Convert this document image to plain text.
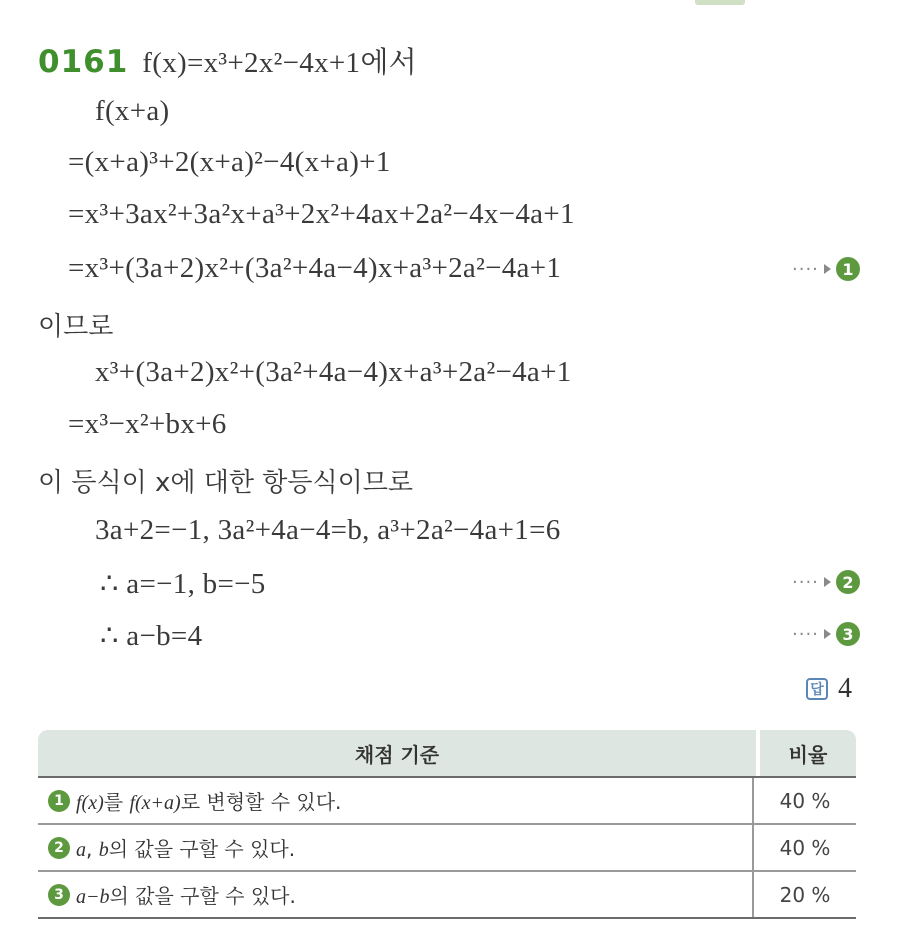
0161 f(x)=x³+2x²−4x+1에서
f(x+a)
=(x+a)³+2(x+a)²−4(x+a)+1
=x³+3ax²+3a²x+a³+2x²+4ax+2a²−4x−4a+1
=x³+(3a+2)x²+(3a²+4a−4)x+a³+2a²−4a+1	····	1
이므로
x³+(3a+2)x²+(3a²+4a−4)x+a³+2a²−4a+1
=x³−x²+bx+6
이 등식이 x에 대한 항등식이므로
3a+2=−1, 3a²+4a−4=b, a³+2a²−4a+1=6
∴ a=−1, b=−5	····	2
∴ a−b=4	····	3
답 4
채점 기준	비율
1 f(x)를 f(x+a)로 변형할 수 있다.	40 %
2 a, b의 값을 구할 수 있다.	40 %
3 a−b의 값을 구할 수 있다.	20 %
